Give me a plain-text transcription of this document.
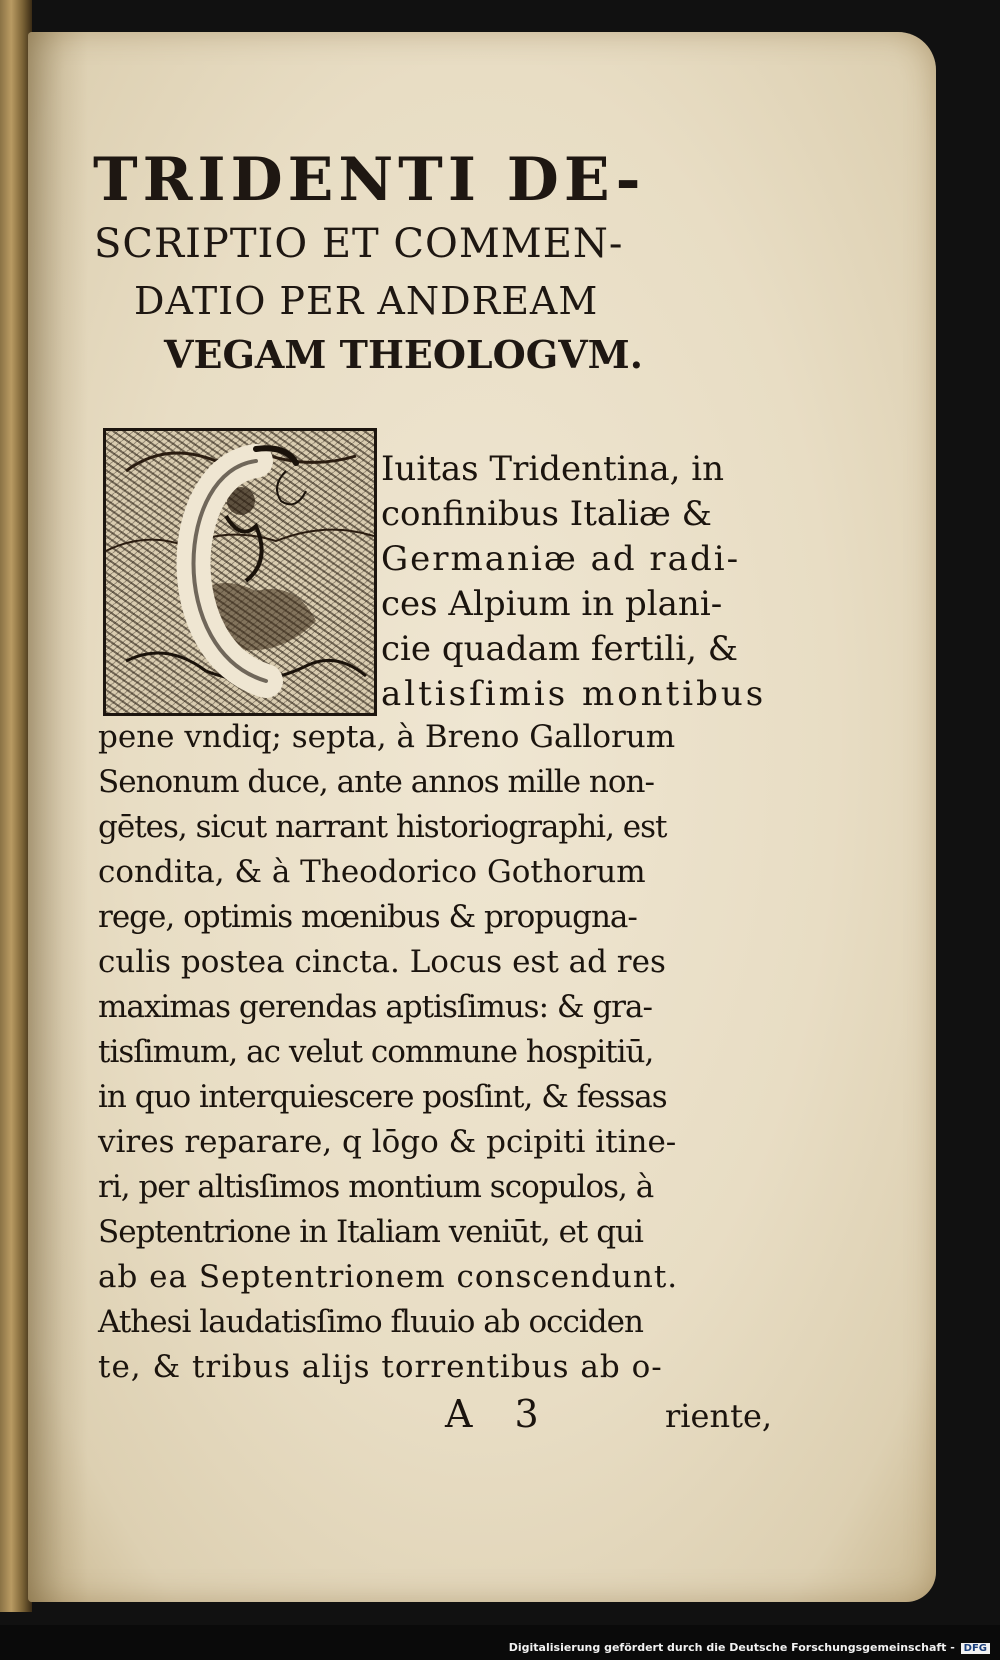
TRIDENTI DE-
SCRIPTIO ET COMMEN-
DATIO PER ANDREAM
VEGAM THEOLOGVM.
Iuitas Tridentina, in
confinibus Italiæ &
Germaniæ ad radi-
ces Alpium in plani-
cie quadam fertili, &
altisſimis montibus
pene vndiq; septa, à Breno Gallorum
Senonum duce, ante annos mille non-
gētes, sicut narrant historiographi, est
condita, & à Theodorico Gothorum
rege, optimis mœnibus & propugna-
culis postea cincta. Locus est ad res
maximas gerendas aptisſimus: & gra-
tisſimum, ac velut commune hospitiū,
in quo interquiescere posſint, & fessas
vires reparare, q lōgo & pcipiti itine-
ri, per altisſimos montium scopulos, à
Septentrione in Italiam veniūt, et qui
ab ea Septentrionem conscendunt.
Athesi laudatisſimo fluuio ab occiden
te, & tribus alijs torrentibus ab o-
A 3	riente,
Digitalisierung gefördert durch die Deutsche Forschungsgemeinschaft - DFG
